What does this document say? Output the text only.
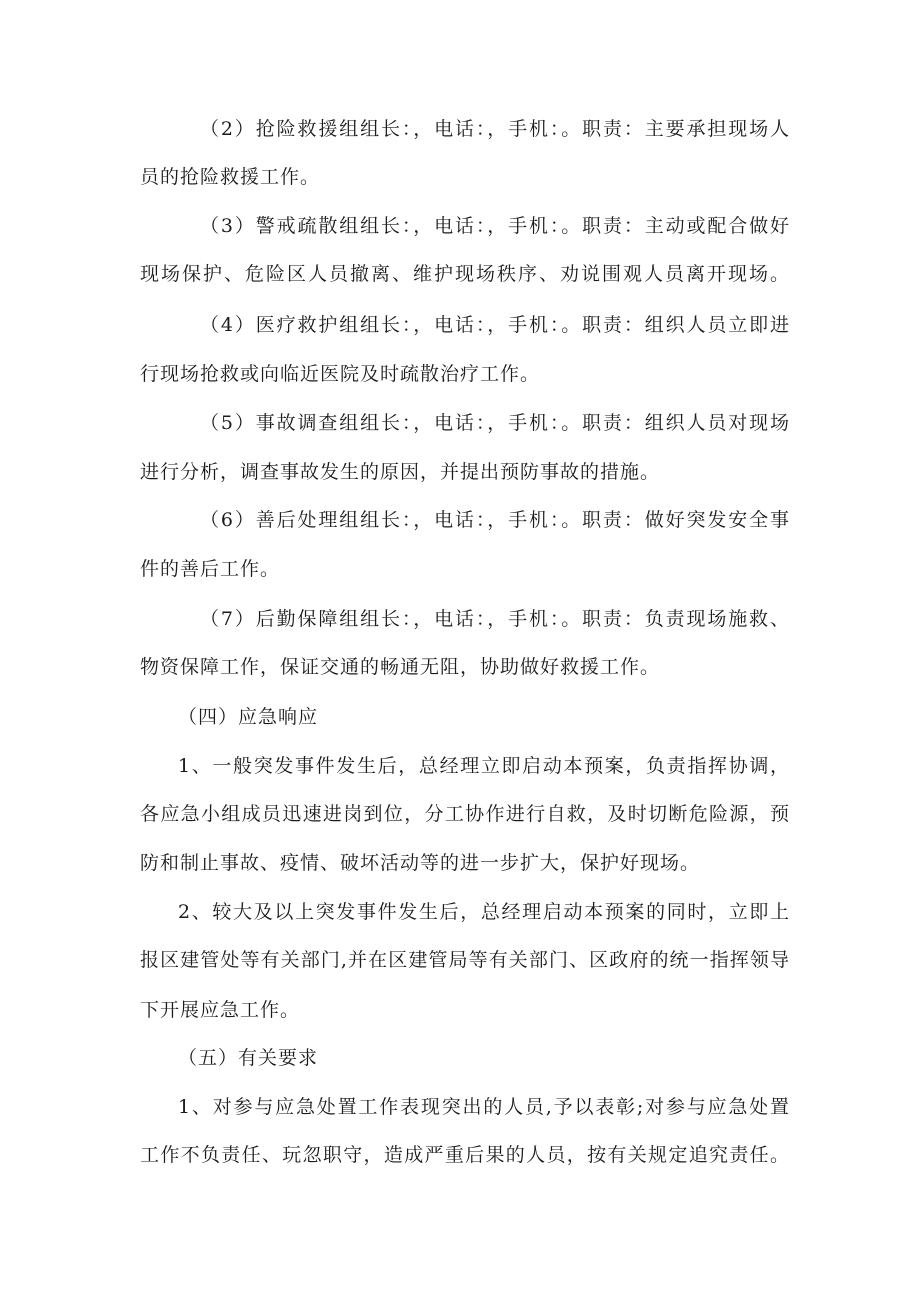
（2）抢险救援组组长：，电话：，手机：。职责：主要承担现场人
员的抢险救援工作。
（3）警戒疏散组组长：，电话：，手机：。职责：主动或配合做好
现场保护、危险区人员撤离、维护现场秩序、劝说围观人员离开现场。
（4）医疗救护组组长：，电话：，手机：。职责：组织人员立即进
行现场抢救或向临近医院及时疏散治疗工作。
（5）事故调查组组长：，电话：，手机：。职责：组织人员对现场
进行分析，调查事故发生的原因，并提出预防事故的措施。
（6）善后处理组组长：，电话：，手机：。职责：做好突发安全事
件的善后工作。
（7）后勤保障组组长：，电话：，手机：。职责：负责现场施救、
物资保障工作，保证交通的畅通无阻，协助做好救援工作。
（四）应急响应
1、一般突发事件发生后，总经理立即启动本预案，负责指挥协调，
各应急小组成员迅速进岗到位，分工协作进行自救，及时切断危险源，预
防和制止事故、疫情、破坏活动等的进一步扩大，保护好现场。
2、较大及以上突发事件发生后，总经理启动本预案的同时，立即上
报区建管处等有关部门,并在区建管局等有关部门、区政府的统一指挥领导
下开展应急工作。
（五）有关要求
1、对参与应急处置工作表现突出的人员,予以表彰;对参与应急处置
工作不负责任、玩忽职守，造成严重后果的人员，按有关规定追究责任。
